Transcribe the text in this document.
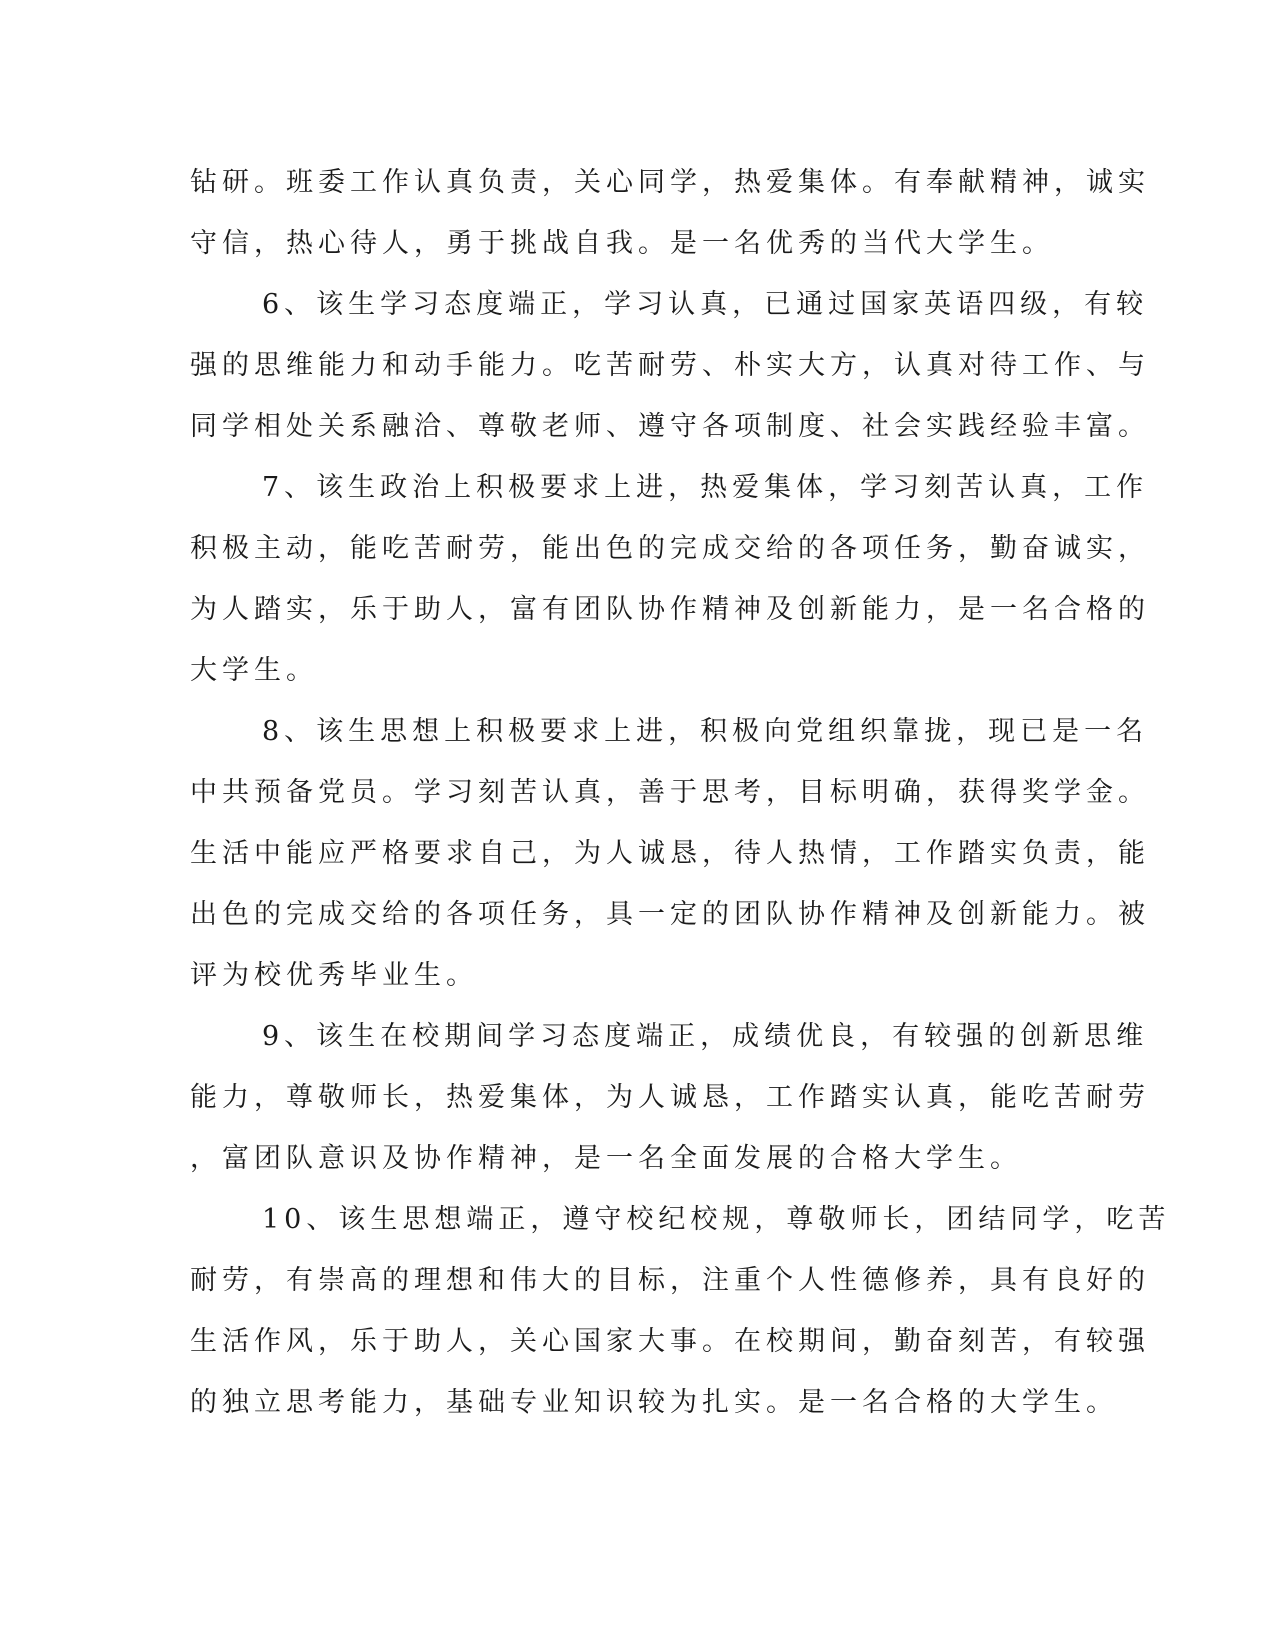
钻研。班委工作认真负责，关心同学，热爱集体。有奉献精神，诚实
守信，热心待人，勇于挑战自我。是一名优秀的当代大学生。
6、该生学习态度端正，学习认真，已通过国家英语四级，有较
强的思维能力和动手能力。吃苦耐劳、朴实大方，认真对待工作、与
同学相处关系融洽、尊敬老师、遵守各项制度、社会实践经验丰富。
7、该生政治上积极要求上进，热爱集体，学习刻苦认真，工作
积极主动，能吃苦耐劳，能出色的完成交给的各项任务，勤奋诚实，
为人踏实，乐于助人，富有团队协作精神及创新能力，是一名合格的
大学生。
8、该生思想上积极要求上进，积极向党组织靠拢，现已是一名
中共预备党员。学习刻苦认真，善于思考，目标明确，获得奖学金。
生活中能应严格要求自己，为人诚恳，待人热情，工作踏实负责，能
出色的完成交给的各项任务，具一定的团队协作精神及创新能力。被
评为校优秀毕业生。
9、该生在校期间学习态度端正，成绩优良，有较强的创新思维
能力，尊敬师长，热爱集体，为人诚恳，工作踏实认真，能吃苦耐劳
，富团队意识及协作精神，是一名全面发展的合格大学生。
10、该生思想端正，遵守校纪校规，尊敬师长，团结同学，吃苦
耐劳，有崇高的理想和伟大的目标，注重个人性德修养，具有良好的
生活作风，乐于助人，关心国家大事。在校期间，勤奋刻苦，有较强
的独立思考能力，基础专业知识较为扎实。是一名合格的大学生。
